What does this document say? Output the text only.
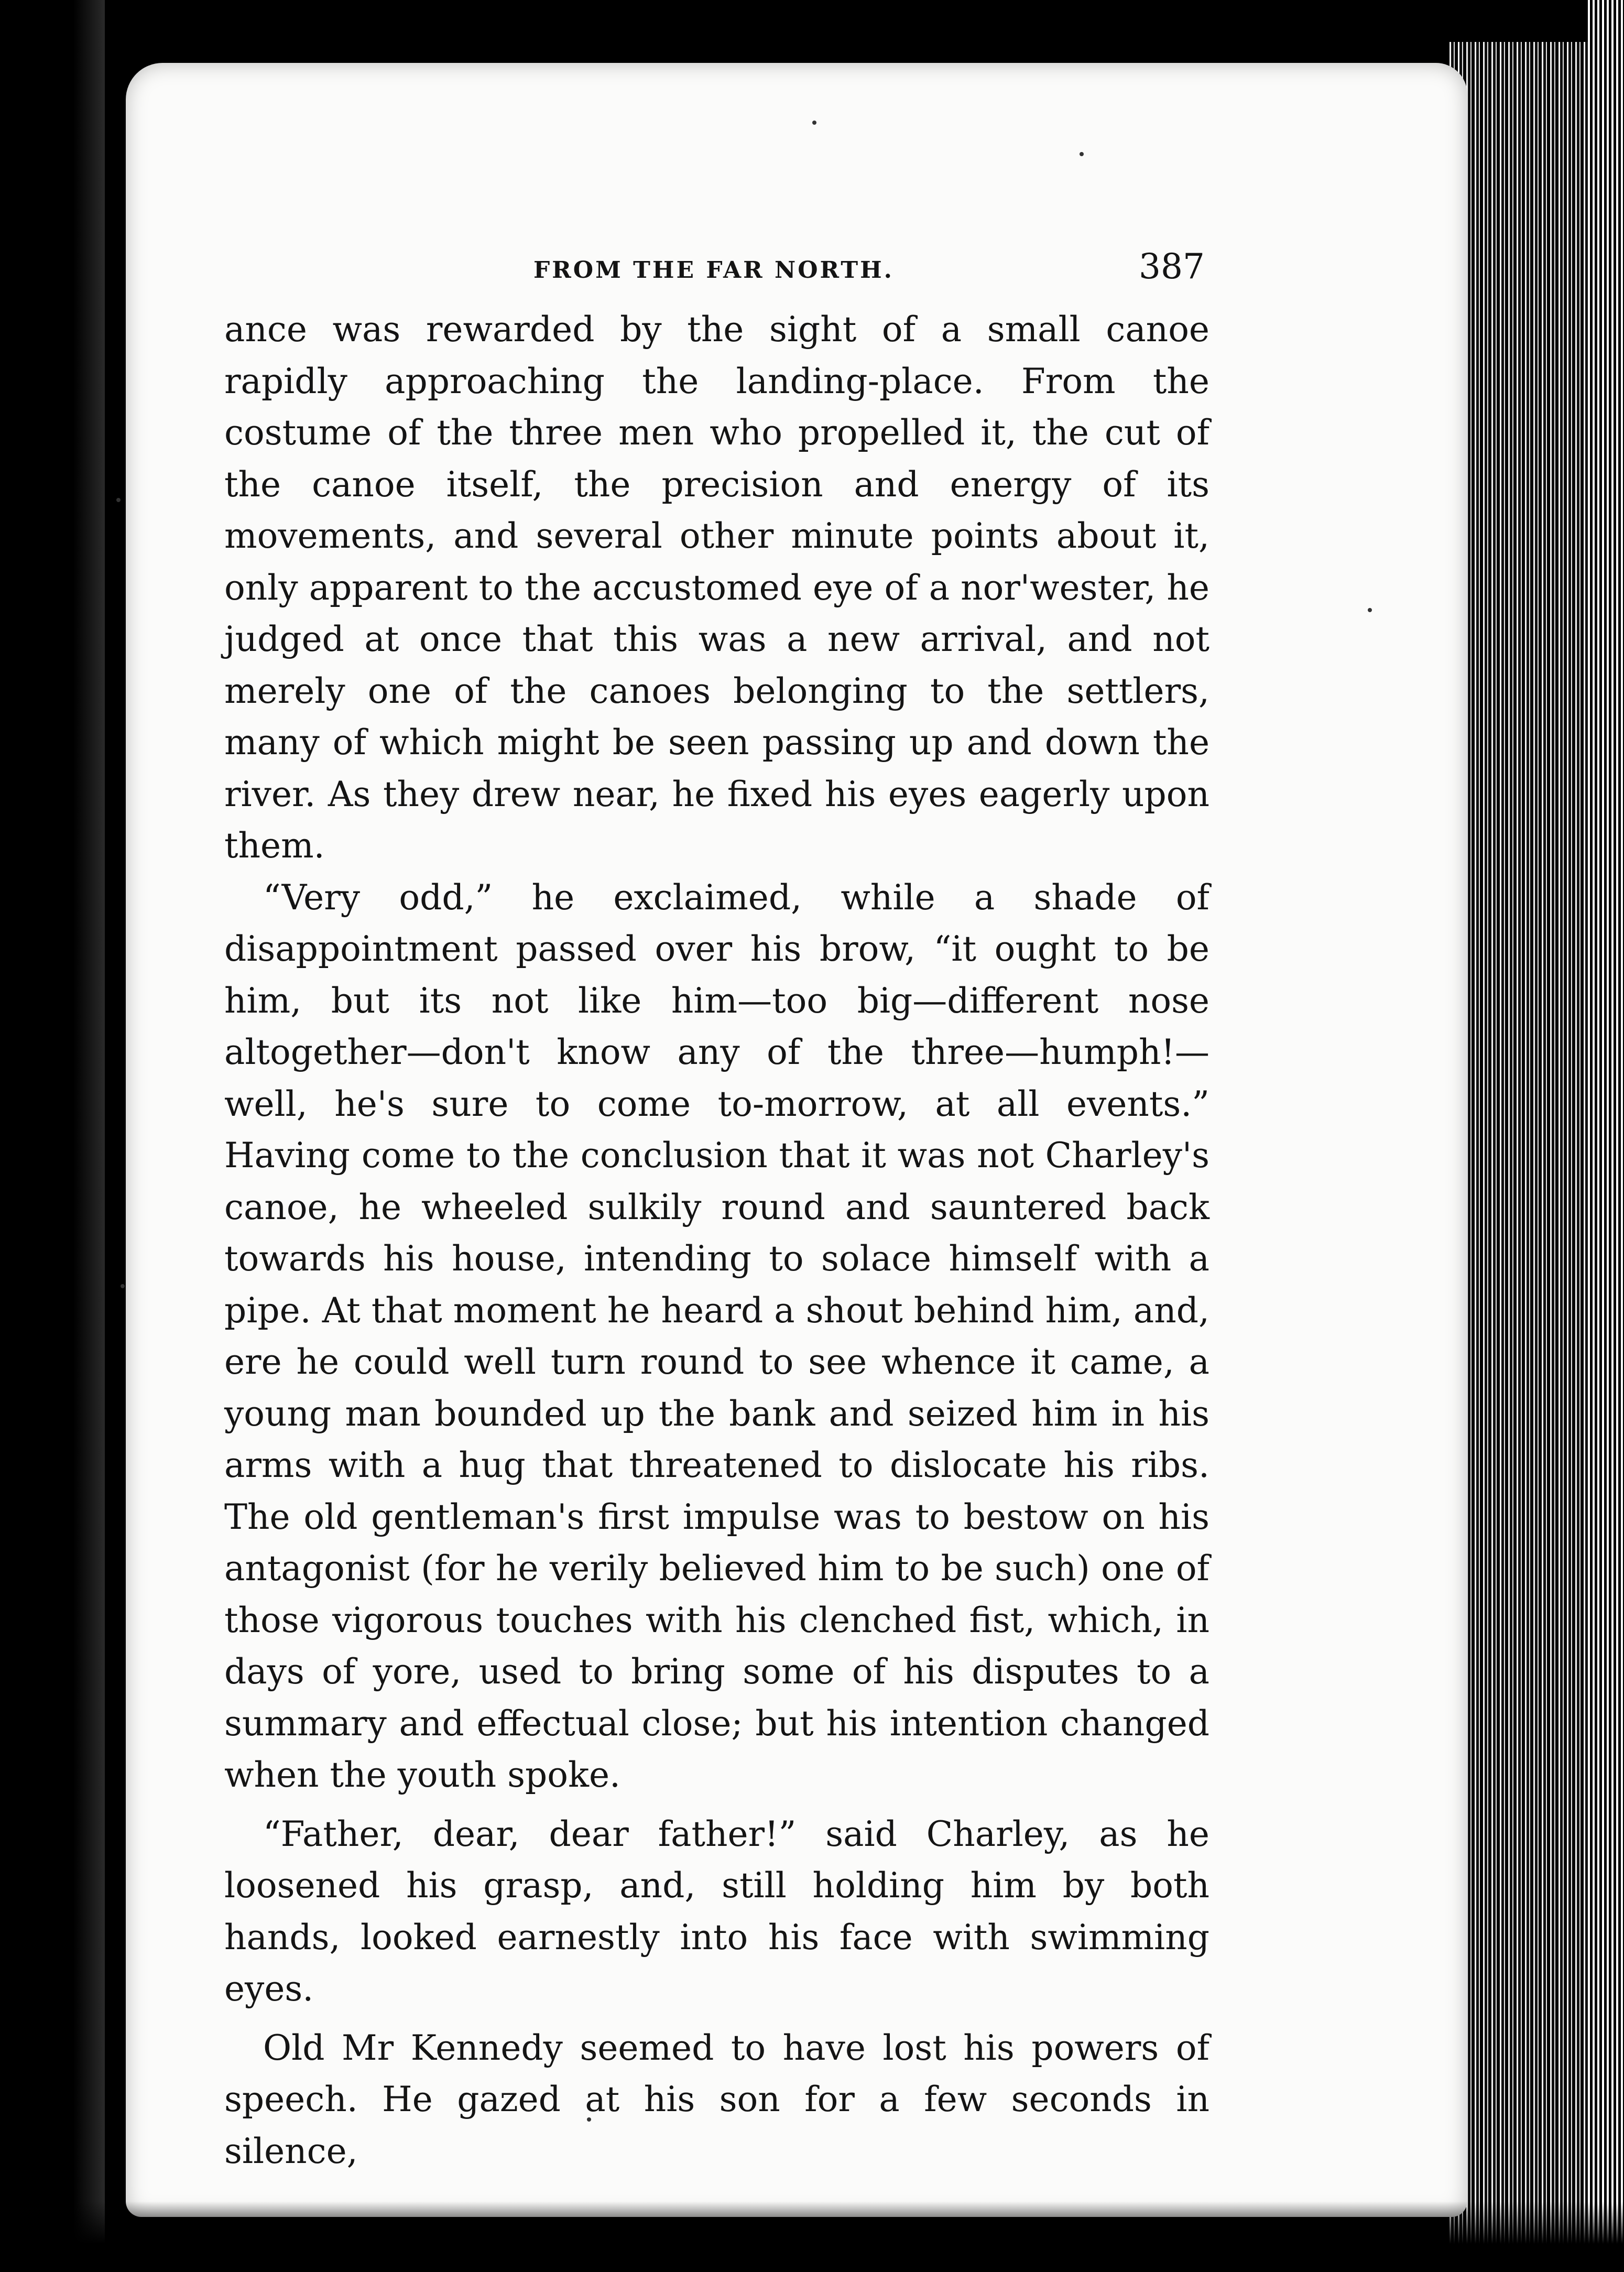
FROM THE FAR NORTH.	387

ance was rewarded by the sight of a small canoe rapidly approaching the landing-place. From the costume of the three men who propelled it, the cut of the canoe itself, the precision and energy of its movements, and several other minute points about it, only apparent to the accustomed eye of a nor'wester, he judged at once that this was a new arrival, and not merely one of the canoes belonging to the settlers, many of which might be seen passing up and down the river. As they drew near, he fixed his eyes eagerly upon them.

“Very odd,” he exclaimed, while a shade of disappointment passed over his brow, “it ought to be him, but its not like him—too big—different nose altogether—don't know any of the three—humph!—well, he's sure to come to-morrow, at all events.” Having come to the conclusion that it was not Charley's canoe, he wheeled sulkily round and sauntered back towards his house, intending to solace himself with a pipe. At that moment he heard a shout behind him, and, ere he could well turn round to see whence it came, a young man bounded up the bank and seized him in his arms with a hug that threatened to dislocate his ribs. The old gentleman's first impulse was to bestow on his antagonist (for he verily believed him to be such) one of those vigorous touches with his clenched fist, which, in days of yore, used to bring some of his disputes to a summary and effectual close; but his intention changed when the youth spoke.

“Father, dear, dear father!” said Charley, as he loosened his grasp, and, still holding him by both hands, looked earnestly into his face with swimming eyes.

Old Mr Kennedy seemed to have lost his powers of speech. He gazed at his son for a few seconds in silence,
